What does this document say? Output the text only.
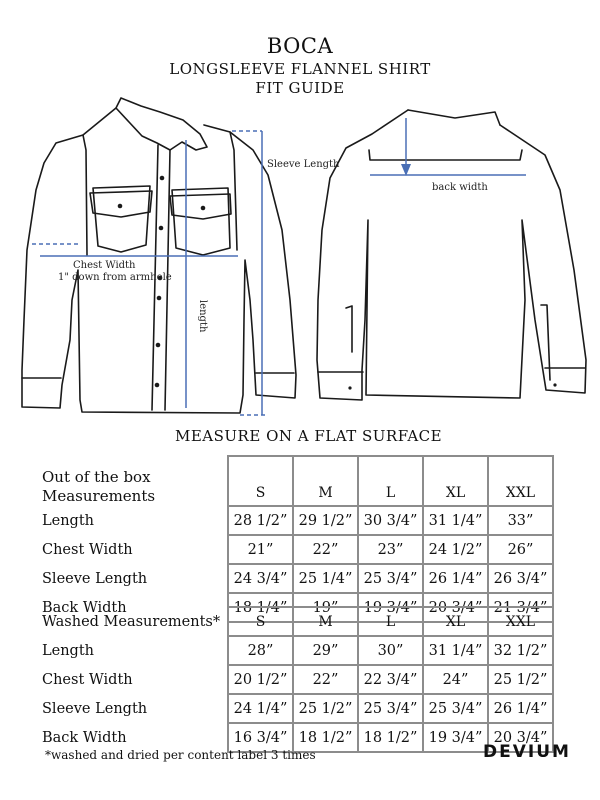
BOCA
LONGSLEEVE FLANNEL SHIRT
FIT GUIDE
Sleeve Length
Chest Width
1" down from armhole
length
back width
MEASURE ON A FLAT SURFACE
Out of the box
Measurements	S	M	L	XL	XXL
Length	28 1/2”	29 1/2”	30 3/4”	31 1/4”	33”
Chest Width	21”	22”	23”	24 1/2”	26”
Sleeve Length	24 3/4”	25 1/4”	25 3/4”	26 1/4”	26 3/4”
Back Width	18 1/4”	19”	19 3/4”	20 3/4”	21 3/4”
Washed Measurements*	S	M	L	XL	XXL
Length	28”	29”	30”	31 1/4”	32 1/2”
Chest Width	20 1/2”	22”	22 3/4”	24”	25 1/2”
Sleeve Length	24 1/4”	25 1/2”	25 3/4”	25 3/4”	26 1/4”
Back Width	16 3/4”	18 1/2”	18 1/2”	19 3/4”	20 3/4”
*washed and dried per content label 3 times	DEVIUM
